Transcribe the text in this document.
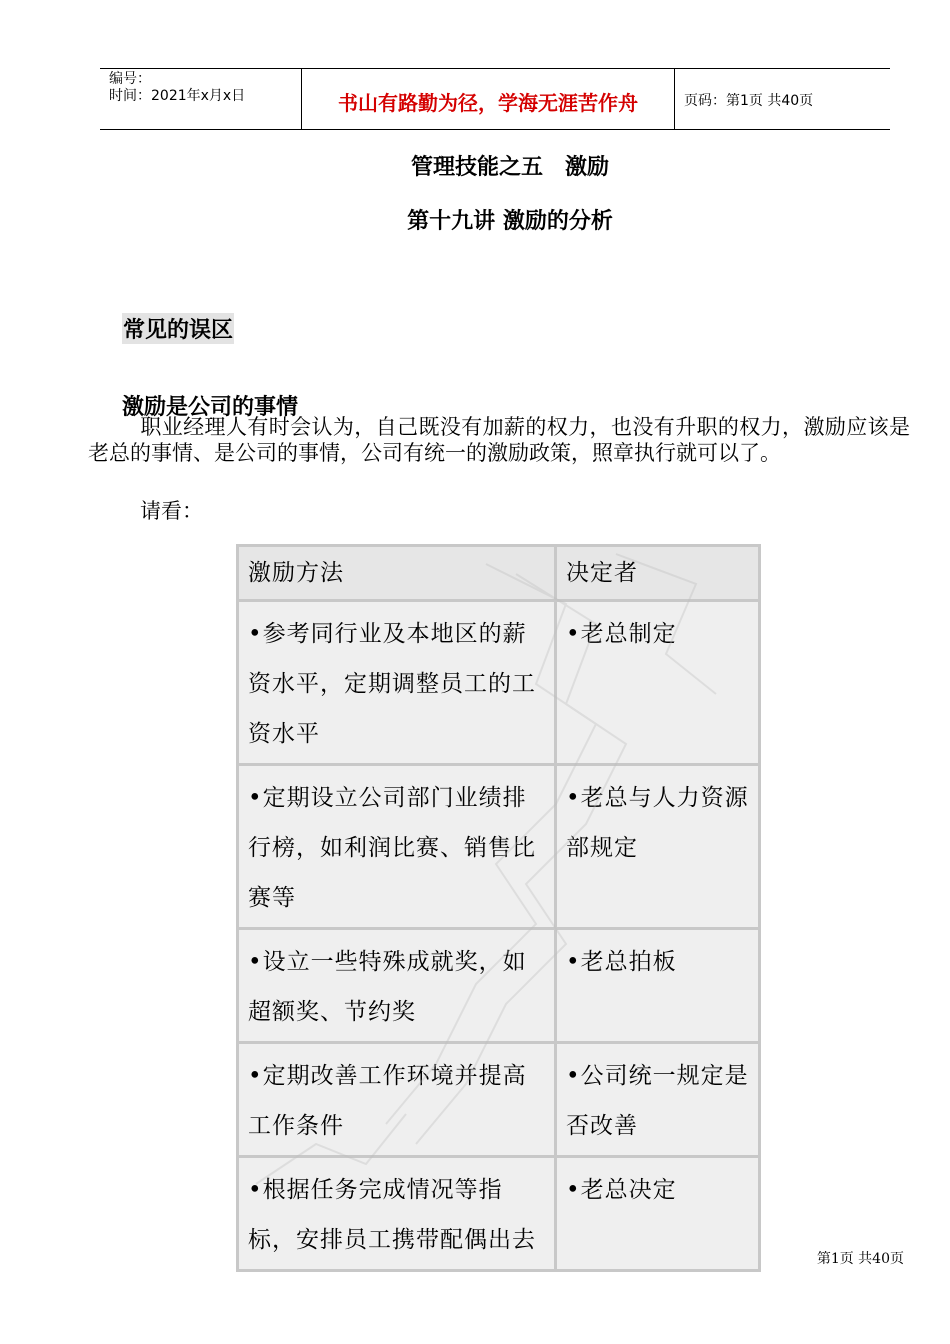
编号：
时间：2021年x月x日	书山有路勤为径，学海无涯苦作舟	页码：第1页 共40页
管理技能之五　激励
第十九讲 激励的分析
常见的误区
激励是公司的事情
职业经理人有时会认为，自己既没有加薪的权力，也没有升职的权力，激励应该是老总的事情、是公司的事情，公司有统一的激励政策，照章执行就可以了。
请看：
激励方法	决定者
•参考同行业及本地区的薪资水平，定期调整员工的工资水平	•老总制定
•定期设立公司部门业绩排行榜，如利润比赛、销售比赛等	•老总与人力资源部规定
•设立一些特殊成就奖，如超额奖、节约奖	•老总拍板
•定期改善工作环境并提高工作条件	•公司统一规定是否改善
•根据任务完成情况等指标，安排员工携带配偶出去	•老总决定
第1页 共40页
